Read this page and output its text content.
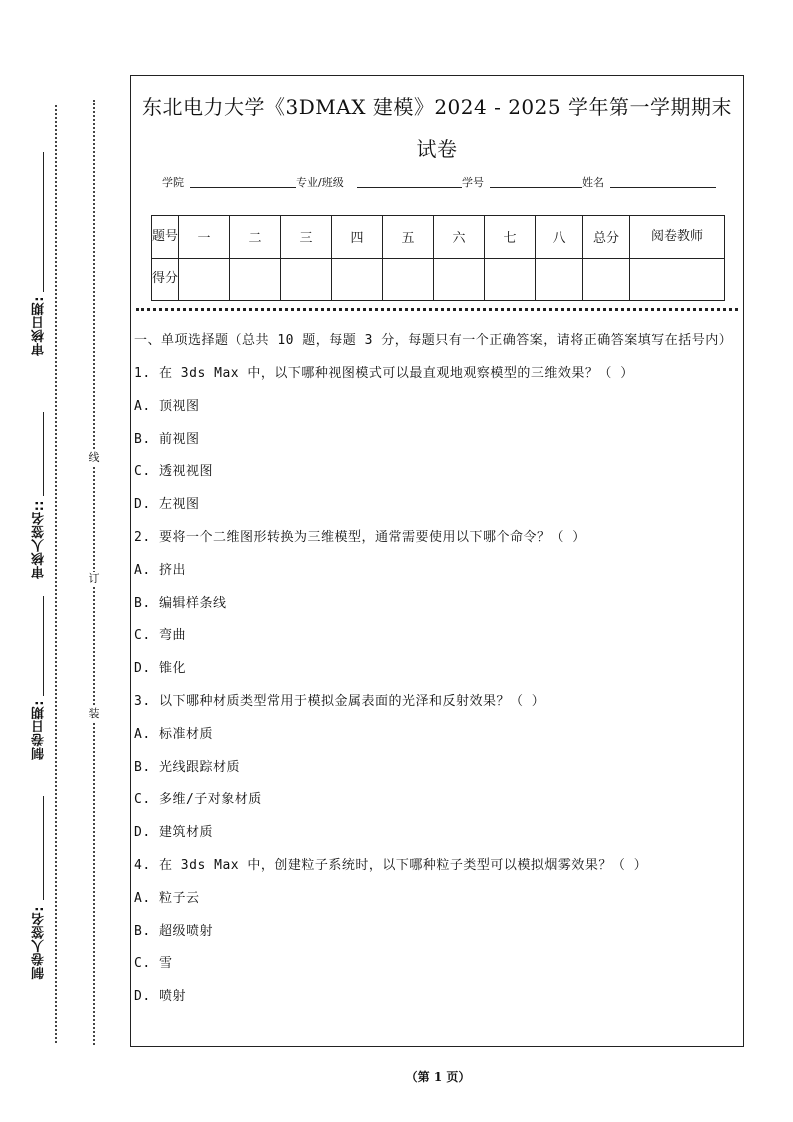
审核日期:
审核人签名::
制卷日期:
制卷人签名:
线
订
装
东北电力大学《3DMAX 建模》2024 - 2025 学年第一学期期末试卷
学院	专业/班级	学号	姓名
题号	一	二	三	四	五	六	七	八	总分	阅卷教师
得分										
一、单项选择题（总共 10 题，每题 3 分，每题只有一个正确答案，请将正确答案填写在括号内）
1. 在 3ds Max 中，以下哪种视图模式可以最直观地观察模型的三维效果？（ ）
A. 顶视图
B. 前视图
C. 透视视图
D. 左视图
2. 要将一个二维图形转换为三维模型，通常需要使用以下哪个命令？（ ）
A. 挤出
B. 编辑样条线
C. 弯曲
D. 锥化
3. 以下哪种材质类型常用于模拟金属表面的光泽和反射效果？（ ）
A. 标准材质
B. 光线跟踪材质
C. 多维/子对象材质
D. 建筑材质
4. 在 3ds Max 中，创建粒子系统时，以下哪种粒子类型可以模拟烟雾效果？（ ）
A. 粒子云
B. 超级喷射
C. 雪
D. 喷射
（第 1 页）
